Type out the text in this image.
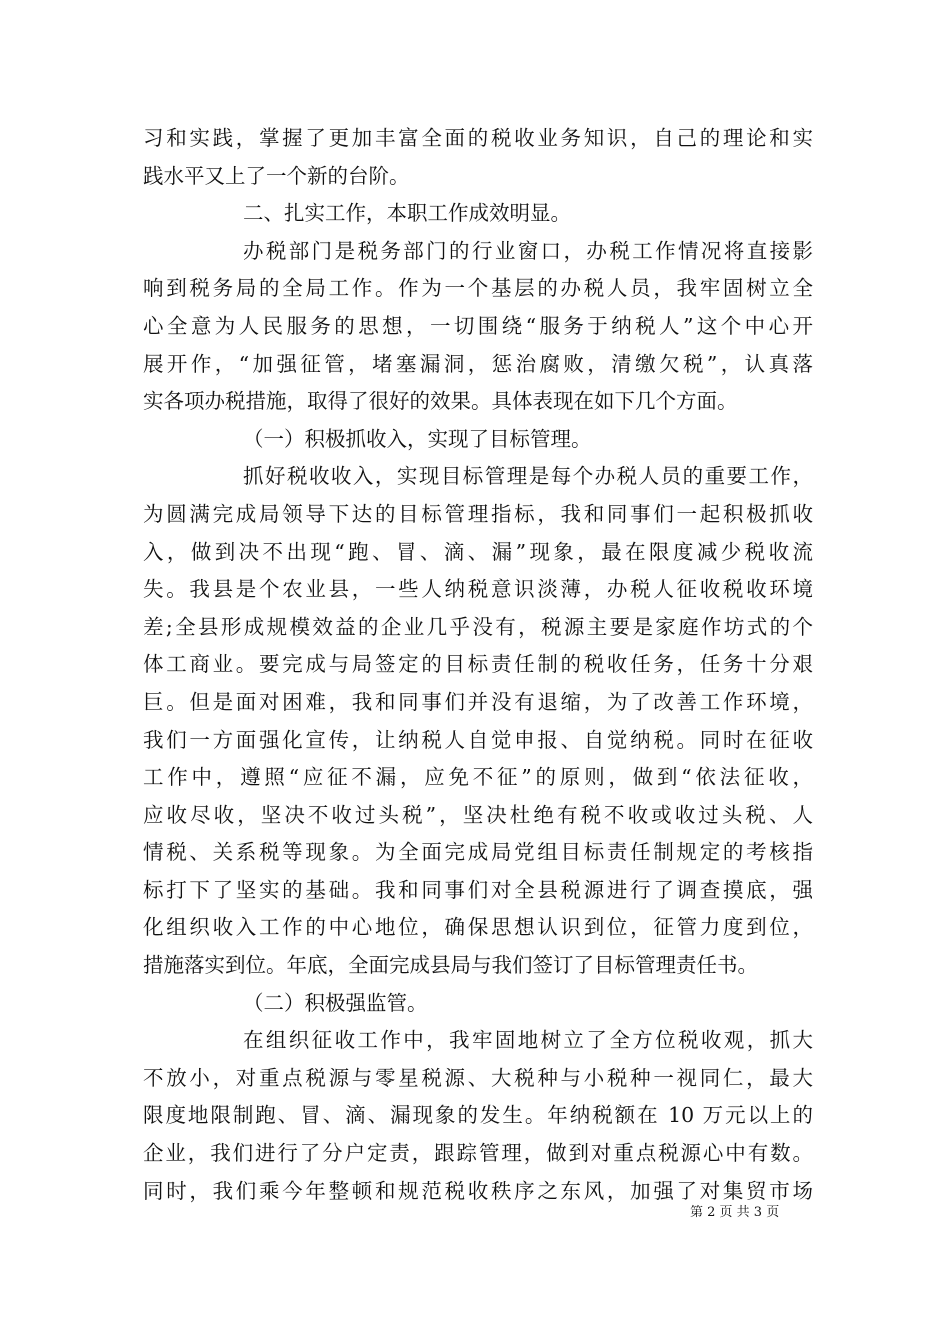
习和实践，掌握了更加丰富全面的税收业务知识，自己的理论和实
践水平又上了一个新的台阶。
二、扎实工作，本职工作成效明显。
办税部门是税务部门的行业窗口，办税工作情况将直接影
响到税务局的全局工作。作为一个基层的办税人员，我牢固树立全
心全意为人民服务的思想，一切围绕“服务于纳税人”这个中心开
展开作，“加强征管，堵塞漏洞，惩治腐败，清缴欠税”，认真落
实各项办税措施，取得了很好的效果。具体表现在如下几个方面。
（一）积极抓收入，实现了目标管理。
抓好税收收入，实现目标管理是每个办税人员的重要工作，
为圆满完成局领导下达的目标管理指标，我和同事们一起积极抓收
入，做到决不出现“跑、冒、滴、漏”现象，最在限度减少税收流
失。我县是个农业县，一些人纳税意识淡薄，办税人征收税收环境
差;全县形成规模效益的企业几乎没有，税源主要是家庭作坊式的个
体工商业。要完成与局签定的目标责任制的税收任务，任务十分艰
巨。但是面对困难，我和同事们并没有退缩，为了改善工作环境，
我们一方面强化宣传，让纳税人自觉申报、自觉纳税。同时在征收
工作中，遵照“应征不漏，应免不征”的原则，做到“依法征收，
应收尽收，坚决不收过头税”，坚决杜绝有税不收或收过头税、人
情税、关系税等现象。为全面完成局党组目标责任制规定的考核指
标打下了坚实的基础。我和同事们对全县税源进行了调查摸底，强
化组织收入工作的中心地位，确保思想认识到位，征管力度到位，
措施落实到位。年底，全面完成县局与我们签订了目标管理责任书。
（二）积极强监管。
在组织征收工作中，我牢固地树立了全方位税收观，抓大
不放小，对重点税源与零星税源、大税种与小税种一视同仁，最大
限度地限制跑、冒、滴、漏现象的发生。年纳税额在 10 万元以上的
企业，我们进行了分户定责，跟踪管理，做到对重点税源心中有数。
同时，我们乘今年整顿和规范税收秩序之东风，加强了对集贸市场
第 2 页 共 3 页
